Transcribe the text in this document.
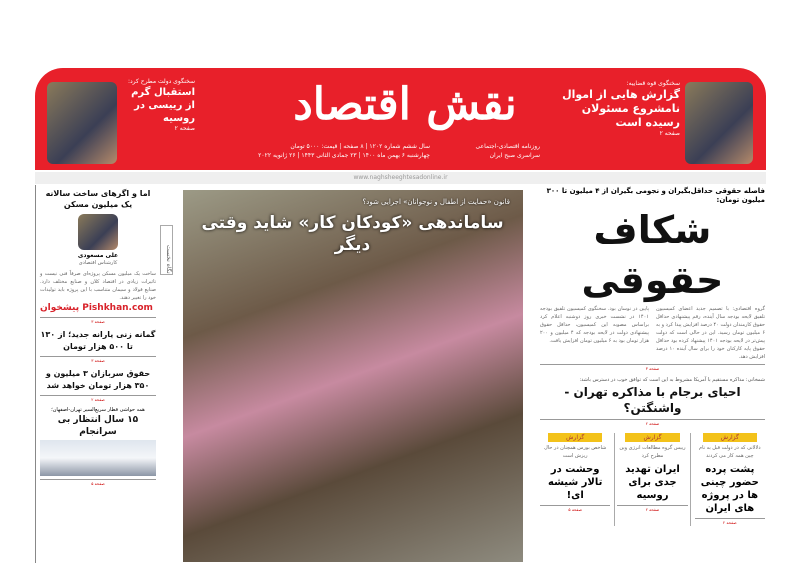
نقش اقتصاد
روزنامه اقتصادی-اجتماعی
سراسری صبح ایران
سال ششم شماره ۱۲۰۲ | ۸ صفحه | قیمت: ۵۰۰۰ تومان
چهارشنبه ۶ بهمن ماه ۱۴۰۰ | ۲۳ جمادی الثانی ۱۴۴۳ | ۲۶ ژانویه ۲۰۲۲
www.naghsheeghtesadonline.ir
سخنگوی قوه قضاییه:
گزارش هایی از اموال نامشروع مسئولان رسیده است
صفحه ۲
سخنگوی دولت مطرح کرد:
استقبال گرم از رییسی در روسیه
صفحه ۲
فاصله حقوقی حداقل‌بگیران و نجومی بگیران از ۴ میلیون تا ۳۰۰ میلیون تومان:
شکاف حقوقی
گروه اقتصادی: با تصمیم جدید اعضای کمیسیون تلفیق لایحه بودجه سال آینده، رقم پیشنهادی حداقل حقوق کارمندان دولت ۴۰ درصد افزایش پیدا کرد و به ۶ میلیون تومان رسید. این در حالی است که دولت پیش‌تر در لایحه بودجه ۱۴۰۱ پیشنهاد کرده بود حداقل حقوق پایه کارکنان خود را برای سال آینده ۱۰ درصد افزایش دهد.
پایین در نوسان بود. سخنگوی کمیسیون تلفیق بودجه ۱۴۰۱ در نشست خبری روز دوشنبه اعلام کرد براساس مصوبه این کمیسیون، حداقل حقوق پیشنهادی دولت در لایحه بودجه که ۴ میلیون و ۲۰۰ هزار تومان بود به ۶ میلیون تومان افزایش یافت.
صفحه ۳
شمخانی: مذاکره مستقیم با آمریکا مشروط به این است که توافق خوب در دسترس باشد:
احیای برجام با مذاکره تهران - واشنگتن؟
صفحه ۲
گزارش
دلالانی که در دولت قبل به نام چین همه کار می کردند
پشت پرده حضور چینی ها در پروژه های ایران
صفحه ۲
گزارش
رییس گروه مطالعات انرژی وین مطرح کرد
ایران تهدید جدی برای روسیه
صفحه ۲
گزارش
شاخص بورس همچنان در حال ریزش است
وحشت در تالار شیشه ای!
صفحه ۵
قانون «حمایت از اطفال و نوجوانان» اجرایی شود؟
ساماندهی «کودکان کار» شاید وقتی دیگر
نگاه نخست
اما و اگرهای ساخت سالانه یک میلیون مسکن
علی مسعودی
کارشناس اقتصادی
ساخت یک میلیون مسکن پروژه‌ای صرفاً فنی نیست و تاثیرات زیادی در اقتصاد کلان و صنایع مختلف دارد. صنایع فولاد و سیمان متناسب با این پروژه باید تولیدات خود را تغییر دهند.
پیشخوان Pishkhan.com
صفحه ۳
گمانه زنی یارانه جدید؛ از ۱۳۰ تا ۵۰۰ هزار تومان
صفحه ۳
حقوق سربازان ۳ میلیون و ۳۵۰ هزار تومان خواهد شد
صفحه ۲
همه حواشی قطار سریع‌السیر تهران-اصفهان؛
۱۵ سال انتظار بی سرانجام
صفحه ۵
